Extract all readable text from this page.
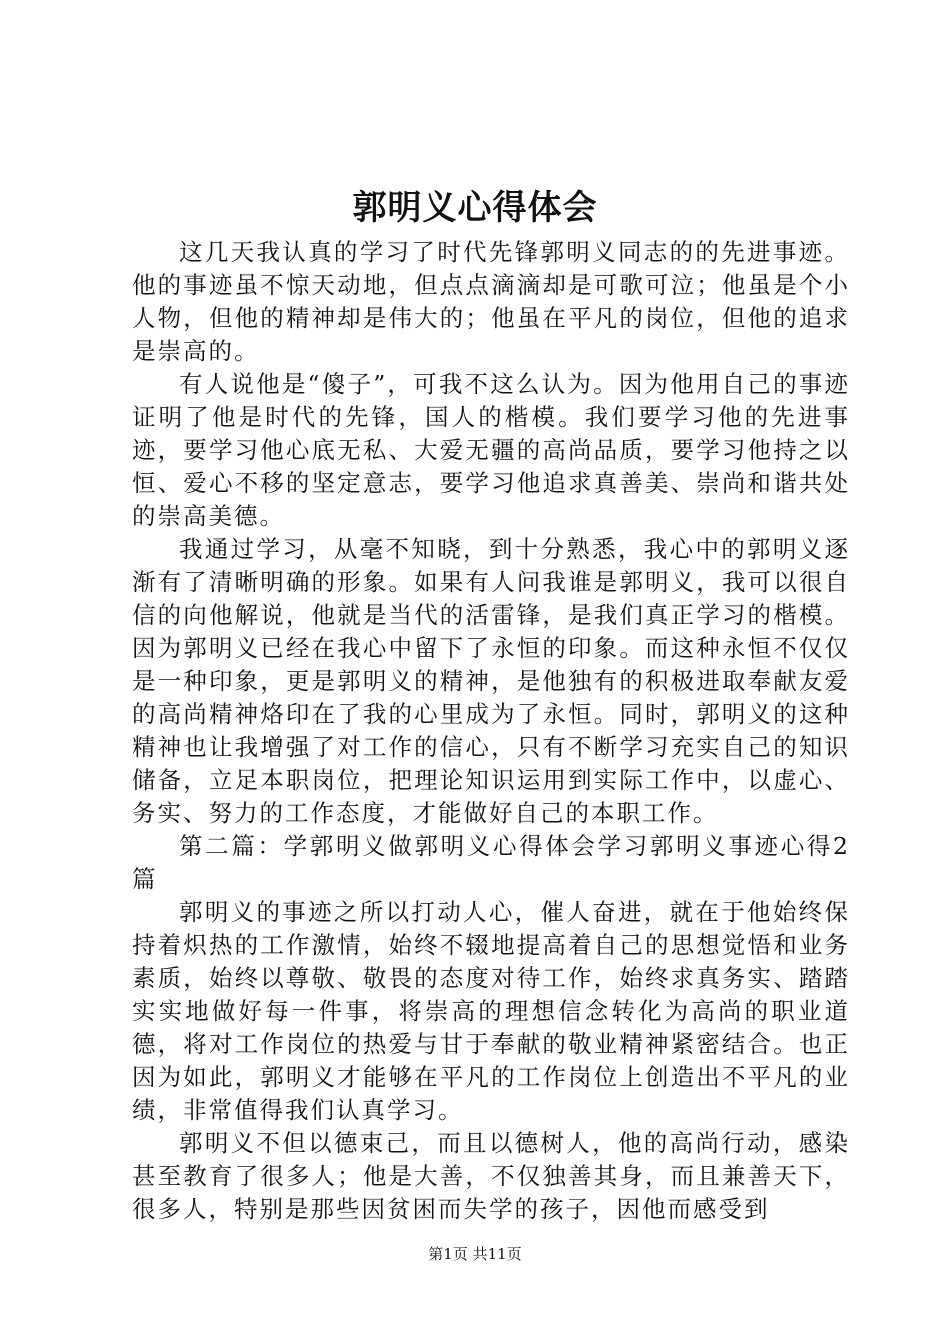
郭明义心得体会

这几天我认真的学习了时代先锋郭明义同志的的先进事迹。他的事迹虽不惊天动地，但点点滴滴却是可歌可泣；他虽是个小人物，但他的精神却是伟大的；他虽在平凡的岗位，但他的追求是崇高的。

有人说他是“傻子”，可我不这么认为。因为他用自己的事迹证明了他是时代的先锋，国人的楷模。我们要学习他的先进事迹，要学习他心底无私、大爱无疆的高尚品质，要学习他持之以恒、爱心不移的坚定意志，要学习他追求真善美、崇尚和谐共处的崇高美德。

我通过学习，从毫不知晓，到十分熟悉，我心中的郭明义逐渐有了清晰明确的形象。如果有人问我谁是郭明义，我可以很自信的向他解说，他就是当代的活雷锋，是我们真正学习的楷模。因为郭明义已经在我心中留下了永恒的印象。而这种永恒不仅仅是一种印象，更是郭明义的精神，是他独有的积极进取奉献友爱的高尚精神烙印在了我的心里成为了永恒。同时，郭明义的这种精神也让我增强了对工作的信心，只有不断学习充实自己的知识储备，立足本职岗位，把理论知识运用到实际工作中，以虚心、务实、努力的工作态度，才能做好自己的本职工作。

第二篇：学郭明义做郭明义心得体会学习郭明义事迹心得2篇

郭明义的事迹之所以打动人心，催人奋进，就在于他始终保持着炽热的工作激情，始终不辍地提高着自己的思想觉悟和业务素质，始终以尊敬、敬畏的态度对待工作，始终求真务实、踏踏实实地做好每一件事，将崇高的理想信念转化为高尚的职业道德，将对工作岗位的热爱与甘于奉献的敬业精神紧密结合。也正因为如此，郭明义才能够在平凡的工作岗位上创造出不平凡的业绩，非常值得我们认真学习。

郭明义不但以德束己，而且以德树人，他的高尚行动，感染甚至教育了很多人；他是大善，不仅独善其身，而且兼善天下，很多人，特别是那些因贫困而失学的孩子，因他而感受到

第1页 共11页
